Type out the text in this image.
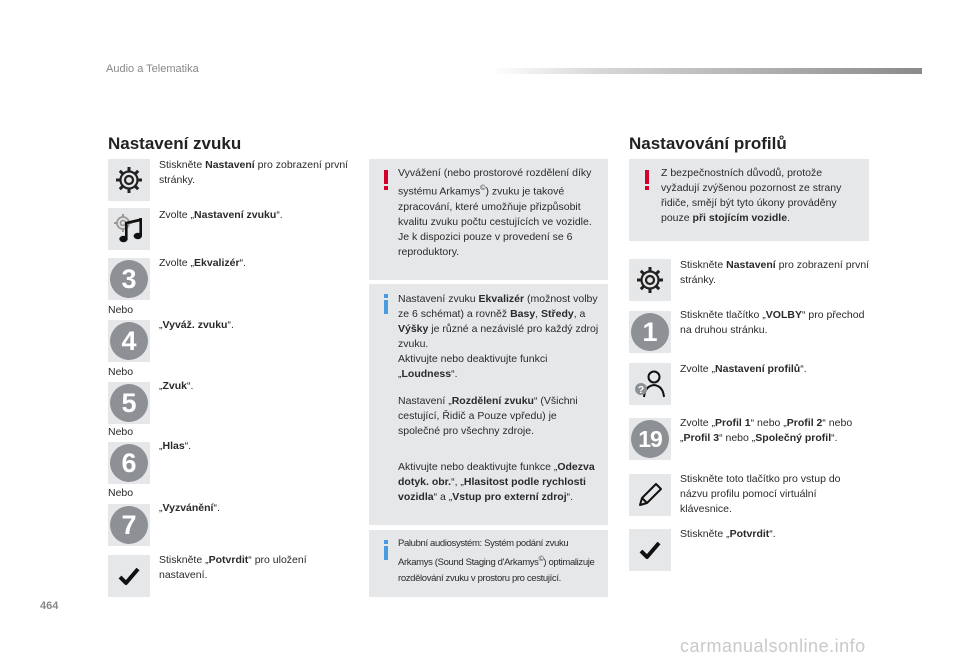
Audio a Telematika
Nastavení zvuku
Stiskněte Nastavení pro zobrazení první stránky.
Zvolte „Nastavení zvuku“.
3
Zvolte „Ekvalizér“.
Nebo
4
„Vyváž. zvuku“.
Nebo
5
„Zvuk“.
Nebo
6
„Hlas“.
Nebo
7
„Vyzvánění“.
Stiskněte „Potvrdit“ pro uložení nastavení.
Vyvážení (nebo prostorové rozdělení díky systému Arkamys©) zvuku je takové zpracování, které umožňuje přizpůsobit kvalitu zvuku počtu cestujících ve vozidle.
Je k dispozici pouze v provedení se 6 reproduktory.
Nastavení zvuku Ekvalizér (možnost volby ze 6 schémat) a rovněž Basy, Středy, a Výšky je různé a nezávislé pro každý zdroj zvuku.
Aktivujte nebo deaktivujte funkci „Loudness“.
Nastavení „Rozdělení zvuku“ (Všichni cestující, Řidič a Pouze vpředu) je společné pro všechny zdroje.
Aktivujte nebo deaktivujte funkce „Odezva dotyk. obr.“, „Hlasitost podle rychlosti vozidla“ a „Vstup pro externí zdroj“.
Palubní audiosystém: Systém podání zvuku Arkamys (Sound Staging d'Arkamys©) optimalizuje rozdělování zvuku v prostoru pro cestující.
Nastavování profilů
Z bezpečnostních důvodů, protože vyžadují zvýšenou pozornost ze strany řidiče, smějí být tyto úkony prováděny pouze při stojícím vozidle.
Stiskněte Nastavení pro zobrazení první stránky.
1
Stiskněte tlačítko „VOLBY“ pro přechod na druhou stránku.
?
Zvolte „Nastavení profilů“.
19
Zvolte „Profil 1“ nebo „Profil 2“ nebo „Profil 3“ nebo „Společný profil“.
Stiskněte toto tlačítko pro vstup do názvu profilu pomocí virtuální klávesnice.
Stiskněte „Potvrdit“.
464
carmanualsonline.info
